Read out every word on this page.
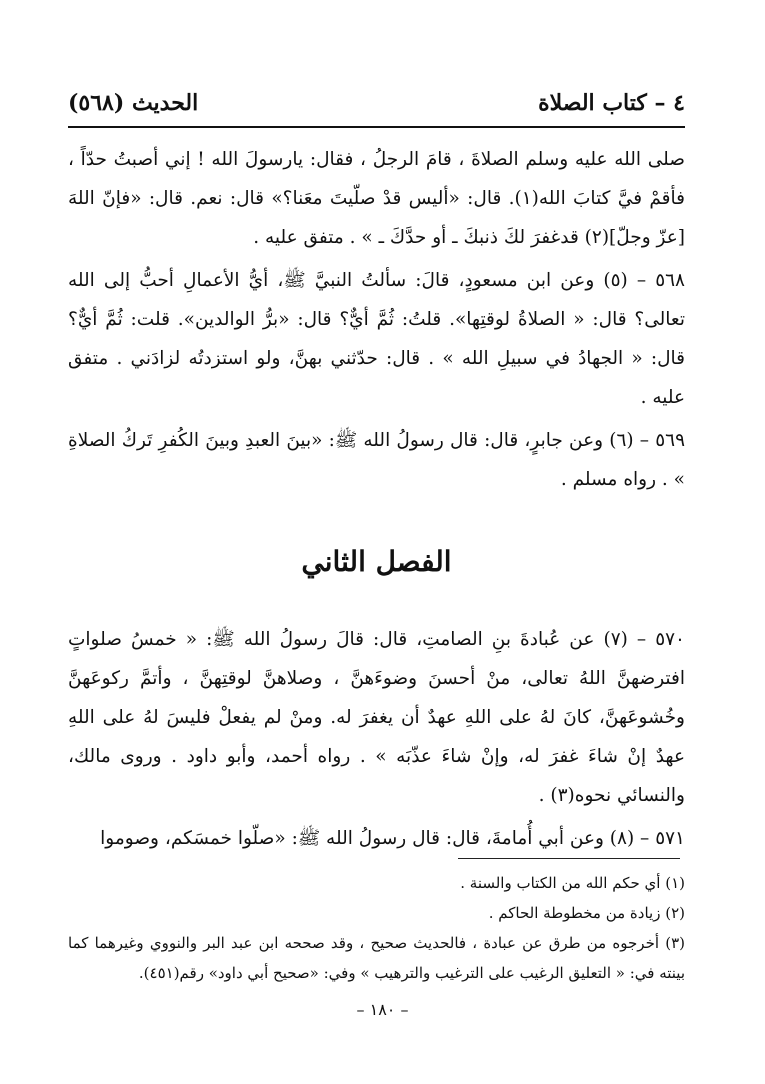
الحديث (٥٦٨)	٤ – كتاب الصلاة

صلى الله عليه وسلم الصلاةَ ، قامَ الرجلُ ، فقال: يارسولَ الله ! إني أصبتُ حدّاً ، فأقمْ فيَّ كتابَ الله(١). قال: «أليس قدْ صلّيتَ معَنا؟» قال: نعم. قال: «فإنّ اللهَ [عزّ وجلّ](٢) قدغفرَ لكَ ذنبكَ ـ أو حدَّكَ ـ » . متفق عليه .

٥٦٨ – (٥) وعن ابن مسعودٍ، قالَ: سألتُ النبيَّ ﷺ، أيُّ الأعمالِ أحبُّ إلى الله تعالى؟ قال: « الصلاةُ لوقتِها». قلتُ: ثُمَّ أيٌّ؟ قال: «برُّ الوالدين». قلت: ثُمَّ أيٌّ؟ قال: « الجهادُ في سبيلِ الله » . قال: حدّثني بهنَّ، ولو استزدتُه لزادَني . متفق عليه .

٥٦٩ – (٦) وعن جابرٍ، قال: قال رسولُ الله ﷺ: «بينَ العبدِ وبينَ الكُفرِ تَركُ الصلاةِ » . رواه مسلم .

الفصل الثاني

٥٧٠ – (٧) عن عُبادةَ بنِ الصامتِ، قال: قالَ رسولُ الله ﷺ: « خمسُ صلواتٍ افترضهنَّ اللهُ تعالى، منْ أحسنَ وضوءَهنَّ ، وصلاهنَّ لوقتِهنَّ ، وأتمَّ ركوعَهنَّ وخُشوعَهنَّ، كانَ لهُ على اللهِ عهدٌ أن يغفرَ له. ومنْ لم يفعلْ فليسَ لهُ على اللهِ عهدٌ إنْ شاءَ غفرَ له، وإنْ شاءَ عذّبَه » . رواه أحمد، وأبو داود . وروى مالك، والنسائي نحوه(٣) .

٥٧١ – (٨) وعن أبي أُمامةَ، قال: قال رسولُ الله ﷺ: «صلّوا خمسَكم، وصوموا

(١) أي حكم الله من الكتاب والسنة .

(٢) زيادة من مخطوطة الحاكم .

(٣) أخرجوه من طرق عن عبادة ، فالحديث صحيح ، وقد صححه ابن عبد البر والنووي وغيرهما كما بينته في: « التعليق الرغيب على الترغيب والترهيب » وفي: «صحيح أبي داود» رقم(٤٥١).

– ١٨٠ –
